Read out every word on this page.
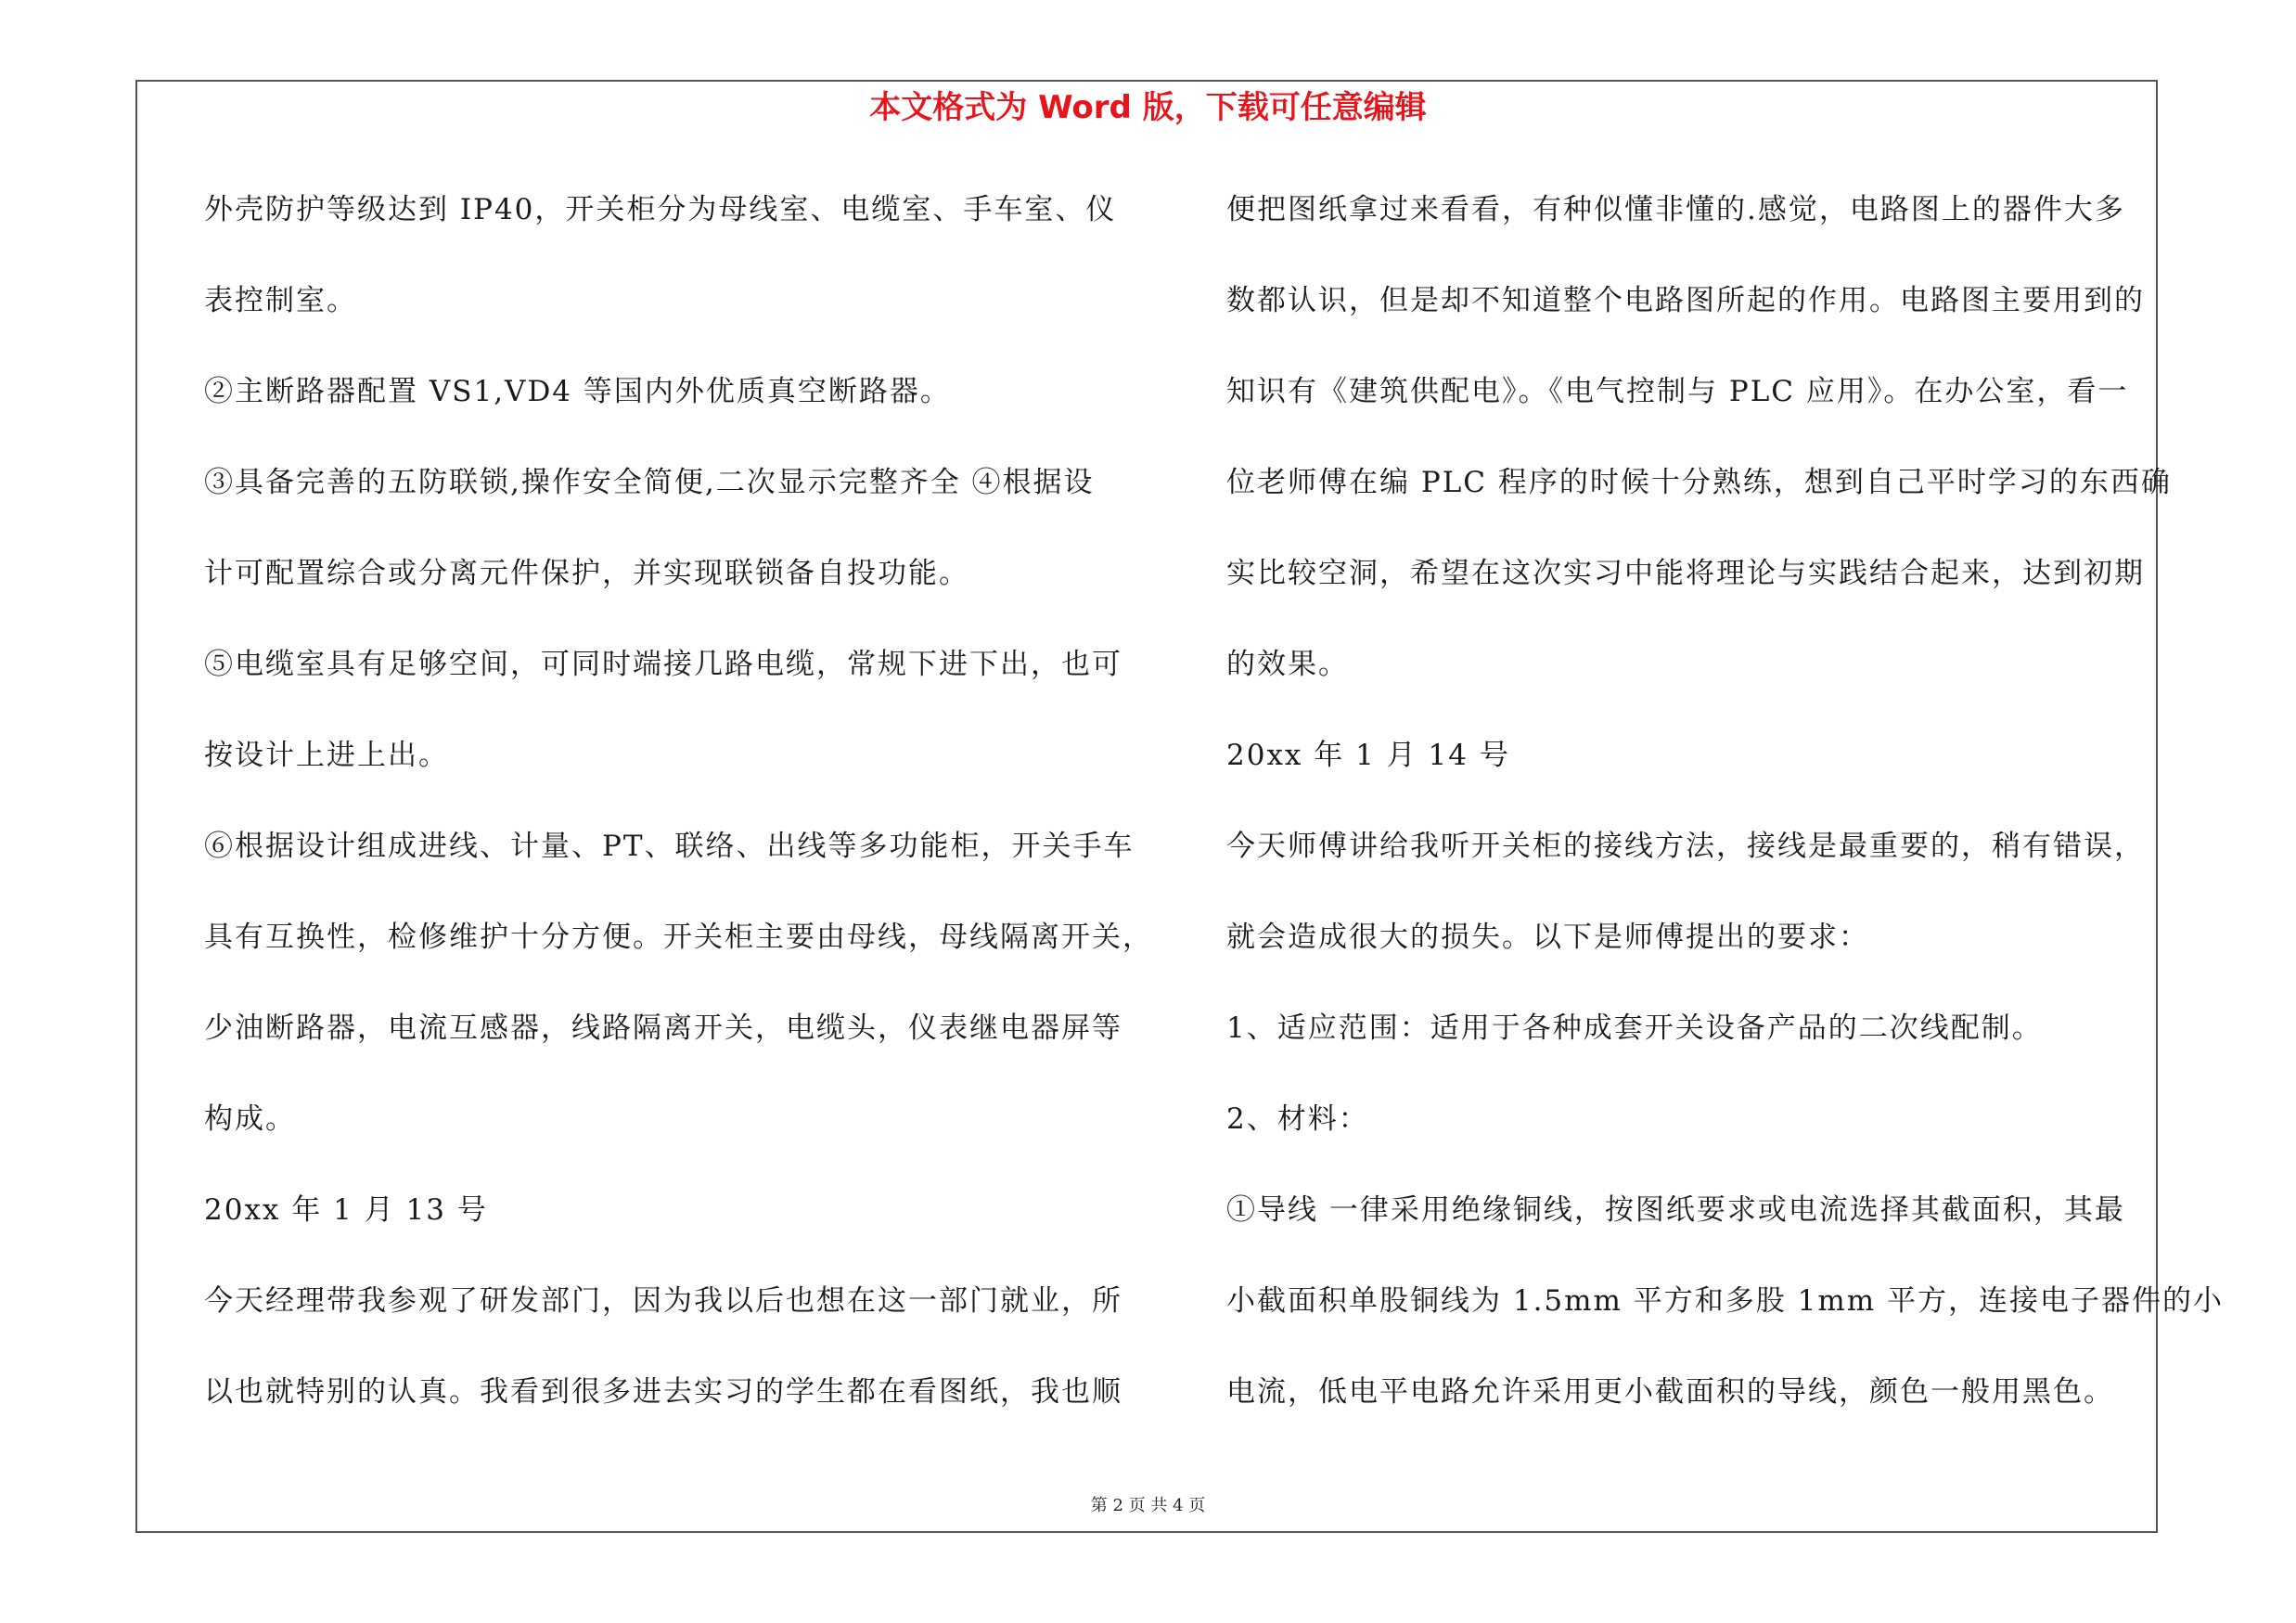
本文格式为 Word 版，下载可任意编辑
外壳防护等级达到 IP40，开关柜分为母线室、电缆室、手车室、仪
表控制室。
②主断路器配置 VS1,VD4 等国内外优质真空断路器。
③具备完善的五防联锁,操作安全简便,二次显示完整齐全 ④根据设
计可配置综合或分离元件保护，并实现联锁备自投功能。
⑤电缆室具有足够空间，可同时端接几路电缆，常规下进下出，也可
按设计上进上出。
⑥根据设计组成进线、计量、PT、联络、出线等多功能柜，开关手车
具有互换性，检修维护十分方便。开关柜主要由母线，母线隔离开关，
少油断路器，电流互感器，线路隔离开关，电缆头，仪表继电器屏等
构成。
20xx 年 1 月 13 号
今天经理带我参观了研发部门，因为我以后也想在这一部门就业，所
以也就特别的认真。我看到很多进去实习的学生都在看图纸，我也顺
便把图纸拿过来看看，有种似懂非懂的.感觉，电路图上的器件大多
数都认识，但是却不知道整个电路图所起的作用。电路图主要用到的
知识有《建筑供配电》。《电气控制与 PLC 应用》。在办公室，看一
位老师傅在编 PLC 程序的时候十分熟练，想到自己平时学习的东西确
实比较空洞，希望在这次实习中能将理论与实践结合起来，达到初期
的效果。
20xx 年 1 月 14 号
今天师傅讲给我听开关柜的接线方法，接线是最重要的，稍有错误，
就会造成很大的损失。以下是师傅提出的要求：
1、适应范围：适用于各种成套开关设备产品的二次线配制。
2、材料：
①导线 一律采用绝缘铜线，按图纸要求或电流选择其截面积，其最
小截面积单股铜线为 1.5mm 平方和多股 1mm 平方，连接电子器件的小
电流，低电平电路允许采用更小截面积的导线，颜色一般用黑色。
第 2 页 共 4 页
